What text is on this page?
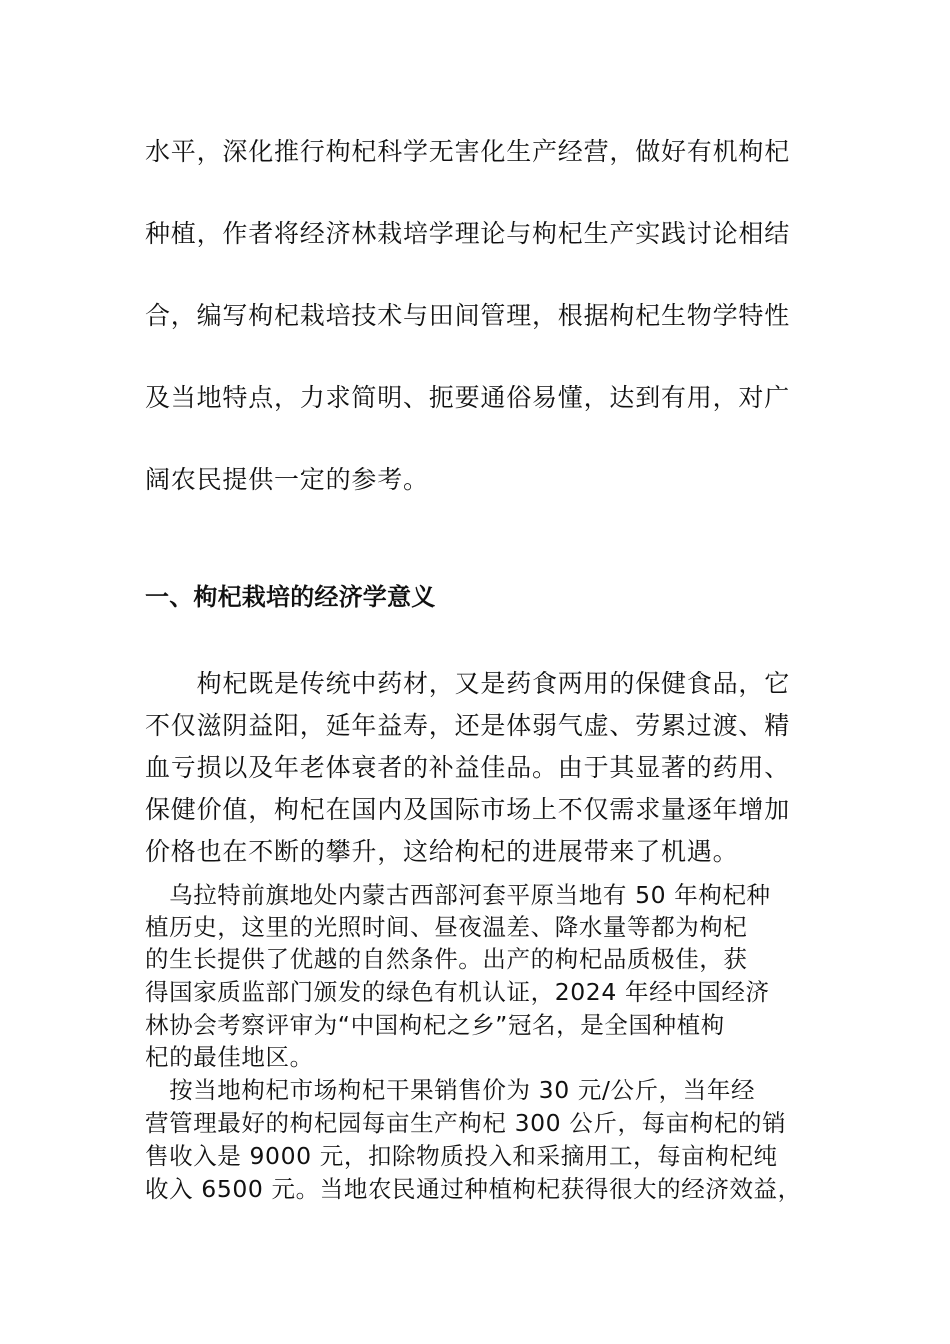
水平，深化推行枸杞科学无害化生产经营，做好有机枸杞
种植，作者将经济林栽培学理论与枸杞生产实践讨论相结
合，编写枸杞栽培技术与田间管理，根据枸杞生物学特性
及当地特点，力求简明、扼要通俗易懂，达到有用，对广
阔农民提供一定的参考。
一、枸杞栽培的经济学意义
　　枸杞既是传统中药材，又是药食两用的保健食品，它
不仅滋阴益阳，延年益寿，还是体弱气虚、劳累过渡、精
血亏损以及年老体衰者的补益佳品。由于其显著的药用、
保健价值，枸杞在国内及国际市场上不仅需求量逐年增加
价格也在不断的攀升，这给枸杞的进展带来了机遇。
　乌拉特前旗地处内蒙古西部河套平原当地有 50 年枸杞种
植历史，这里的光照时间、昼夜温差、降水量等都为枸杞
的生长提供了优越的自然条件。出产的枸杞品质极佳，获
得国家质监部门颁发的绿色有机认证，2024 年经中国经济
林协会考察评审为“中国枸杞之乡”冠名，是全国种植枸
杞的最佳地区。
　按当地枸杞市场枸杞干果销售价为 30 元/公斤，当年经
营管理最好的枸杞园每亩生产枸杞 300 公斤，每亩枸杞的销
售收入是 9000 元，扣除物质投入和采摘用工，每亩枸杞纯
收入 6500 元。当地农民通过种植枸杞获得很大的经济效益，
